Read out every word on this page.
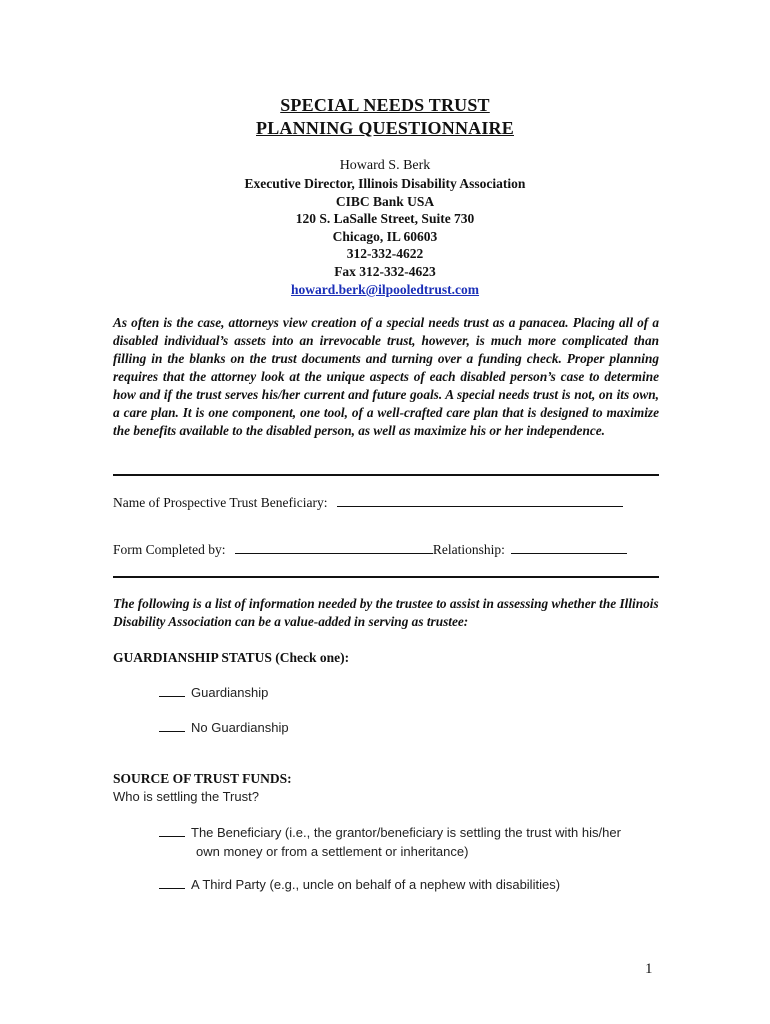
SPECIAL NEEDS TRUST
PLANNING QUESTIONNAIRE
Howard S. Berk
Executive Director, Illinois Disability Association
CIBC Bank USA
120 S. LaSalle Street, Suite 730
Chicago, IL 60603
312-332-4622
Fax 312-332-4623
howard.berk@ilpooledtrust.com

As often is the case, attorneys view creation of a special needs trust as a panacea. Placing all of a disabled individual’s assets into an irrevocable trust, however, is much more complicated than filling in the blanks on the trust documents and turning over a funding check. Proper planning requires that the attorney look at the unique aspects of each disabled person’s case to determine how and if the trust serves his/her current and future goals. A special needs trust is not, on its own, a care plan. It is one component, one tool, of a well-crafted care plan that is designed to maximize the benefits available to the disabled person, as well as maximize his or her independence.

Name of Prospective Trust Beneficiary:
Form Completed by:	Relationship:

The following is a list of information needed by the trustee to assist in assessing whether the Illinois Disability Association can be a value-added in serving as trustee:

GUARDIANSHIP STATUS (Check one):
Guardianship
No Guardianship
SOURCE OF TRUST FUNDS:
Who is settling the Trust?
The Beneficiary (i.e., the grantor/beneficiary is settling the trust with his/her
own money or from a settlement or inheritance)
A Third Party (e.g., uncle on behalf of a nephew with disabilities)
1
